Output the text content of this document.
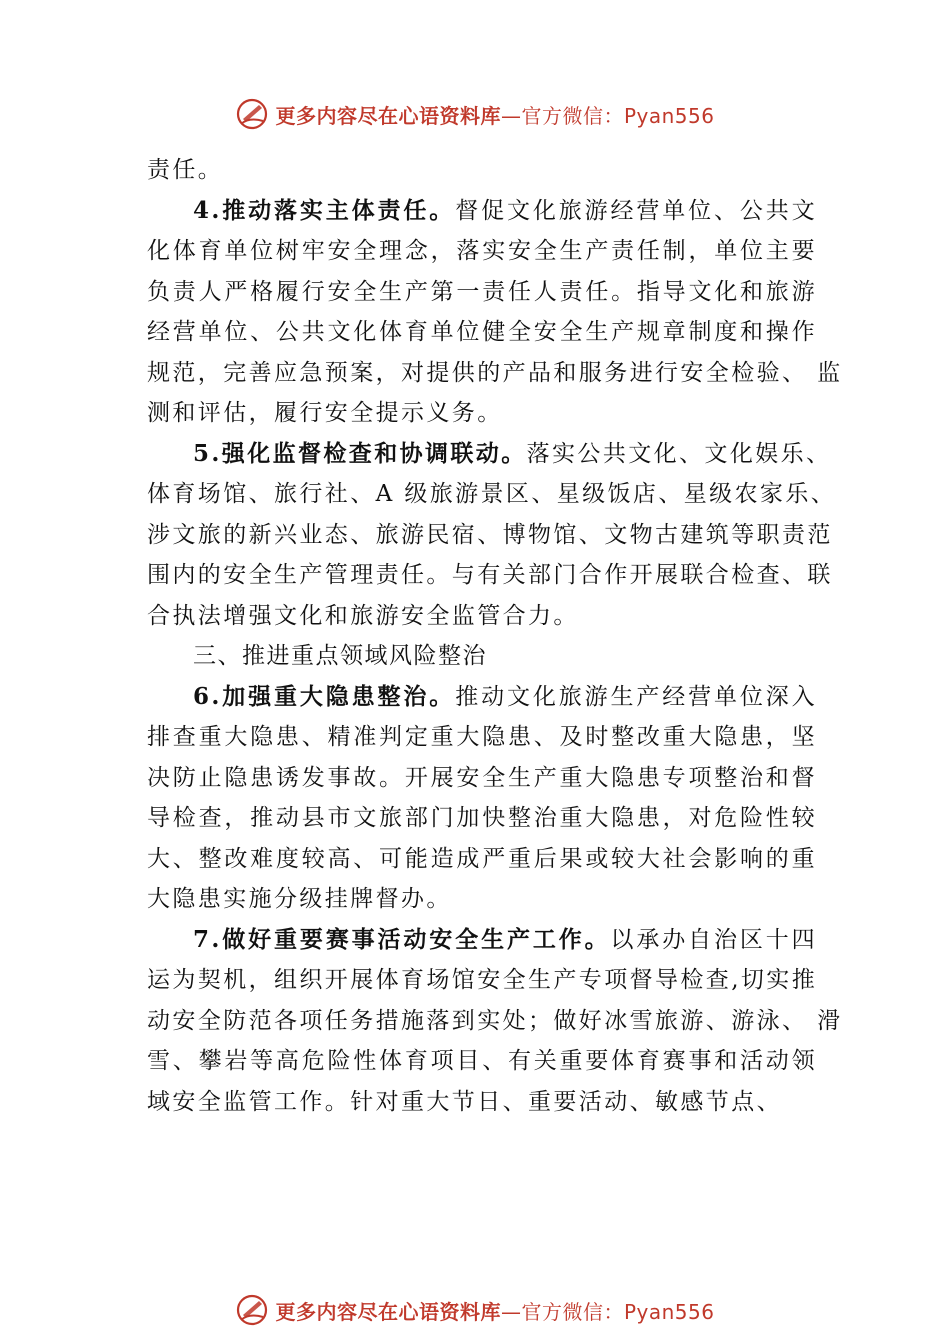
更多内容尽在心语资料库—官方微信：Pyan556
责任。
4.推动落实主体责任。督促文化旅游经营单位、公共文
化体育单位树牢安全理念，落实安全生产责任制，单位主要
负责人严格履行安全生产第一责任人责任。指导文化和旅游
经营单位、公共文化体育单位健全安全生产规章制度和操作
规范，完善应急预案，对提供的产品和服务进行安全检验、 监
测和评估，履行安全提示义务。
5.强化监督检查和协调联动。落实公共文化、文化娱乐、
体育场馆、旅行社、A 级旅游景区、星级饭店、星级农家乐、
涉文旅的新兴业态、旅游民宿、博物馆、文物古建筑等职责范
围内的安全生产管理责任。与有关部门合作开展联合检查、联
合执法增强文化和旅游安全监管合力。
三、推进重点领域风险整治
6.加强重大隐患整治。推动文化旅游生产经营单位深入
排查重大隐患、精准判定重大隐患、及时整改重大隐患，坚
决防止隐患诱发事故。开展安全生产重大隐患专项整治和督
导检查，推动县市文旅部门加快整治重大隐患，对危险性较
大、整改难度较高、可能造成严重后果或较大社会影响的重
大隐患实施分级挂牌督办。
7.做好重要赛事活动安全生产工作。以承办自治区十四
运为契机，组织开展体育场馆安全生产专项督导检查,切实推
动安全防范各项任务措施落到实处；做好冰雪旅游、游泳、 滑
雪、攀岩等高危险性体育项目、有关重要体育赛事和活动领
域安全监管工作。针对重大节日、重要活动、敏感节点、
更多内容尽在心语资料库—官方微信：Pyan556
